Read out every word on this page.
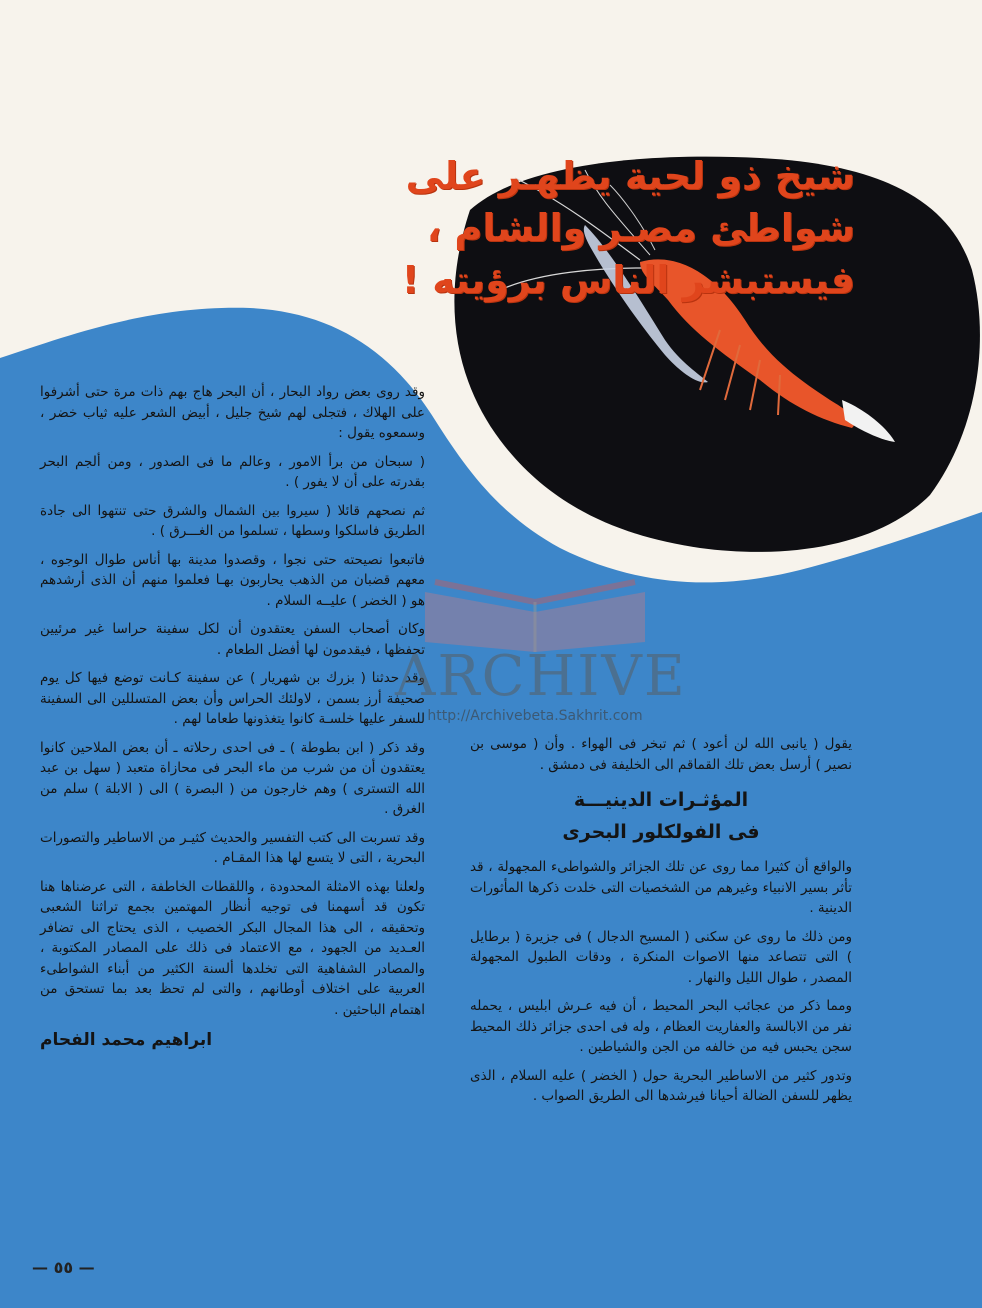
شيخ ذو لحية يظهـر على
شواطئ مصـر والشام ،
فيستبشر الناس برؤيته !

وقد روى بعض رواد البحار ، أن البحر هاج بهم ذات مرة حتى أشرفوا على الهلاك ، فتجلى لهم شيخ جليل ، أبيض الشعر عليه ثياب خضر ، وسمعوه يقول :

( سبحان من برأ الامور ، وعالم ما فى الصدور ، ومن ألجم البحر بقدرته على أن لا يفور ) .

ثم نصحهم قائلا ( سيروا بين الشمال والشرق حتى تنتهوا الى جادة الطريق فاسلكوا وسطها ، تسلموا من الغـــرق ) .

فاتبعوا نصيحته حتى نجوا ، وقصدوا مدينة بها أناس طوال الوجوه ، معهم قضبان من الذهب يحاربون بهـا فعلموا منهم أن الذى أرشدهم هو ( الخضر ) عليــه السلام .

وكان أصحاب السفن يعتقدون أن لكل سفينة حراسا غير مرئيين تحفظها ، فيقدمون لها أفضل الطعام .

وقد حدثنا ( بزرك بن شهريار ) عن سفينة كـانت توضع فيها كل يوم صحيفة أرز بسمن ، لاولئك الحراس وأن بعض المتسللين الى السفينة للسفر عليها خلسـة كانوا يتغذونها طعاما لهم .

وقد ذكر ( ابن بطوطة ) ـ فى احدى رحلاته ـ أن بعض الملاحين كانوا يعتقدون أن من شرب من ماء البحر فى محازاة متعبد ( سهل بن عبد الله التسترى ) وهم خارجون من ( البصرة ) الى ( الابلة ) سلم من الغرق .

وقد تسربت الى كتب التفسير والحديث كثيـر من الاساطير والتصورات البحرية ، التى لا يتسع لها هذا المقـام .

ولعلنا بهذه الامثلة المحدودة ، واللقطات الخاطفة ، التى عرضناها هنا تكون قد أسهمنا فى توجيه أنظار المهتمين بجمع تراثنا الشعبى وتحقيقه ، الى هذا المجال البكر الخصيب ، الذى يحتاج الى تضافر العـديد من الجهود ، مع الاعتماد فى ذلك على المصادر المكتوبة ، والمصادر الشفاهية التى تخلدها ألسنة الكثير من أبناء الشواطىء العربية على اختلاف أوطانهم ، والتى لم تحظ بعد بما تستحق من اهتمام الباحثين .

ابراهيم محمد الفحام

يقول ( يانبى الله لن أعود ) ثم تبخر فى الهواء . وأن ( موسى بن نصير ) أرسل بعض تلك القماقم الى الخليفة فى دمشق .

المؤثـرات الدينيـــة
فى الفولكلور البحرى

والواقع أن كثيرا مما روى عن تلك الجزائر والشواطىء المجهولة ، قد تأثر بسير الانبياء وغيرهم من الشخصيات التى خلدت ذكرها المأثورات الدينية .

ومن ذلك ما روى عن سكنى ( المسيح الدجال ) فى جزيرة ( برطايل ) التى تتصاعد منها الاصوات المنكرة ، ودقات الطبول المجهولة المصدر ، طوال الليل والنهار .

ومما ذكر من عجائب البحر المحيط ، أن فيه عـرش ابليس ، يحمله نفر من الابالسة والعفاريت العظام ، وله فى احدى جزائر ذلك المحيط سجن يحبس فيه من خالفه من الجن والشياطين .

وتدور كثير من الاساطير البحرية حول ( الخضر ) عليه السلام ، الذى يظهر للسفن الضالة أحيانا فيرشدها الى الطريق الصواب .

ARCHIVE
http://Archivebeta.Sakhrit.com
— ٥٥ —
